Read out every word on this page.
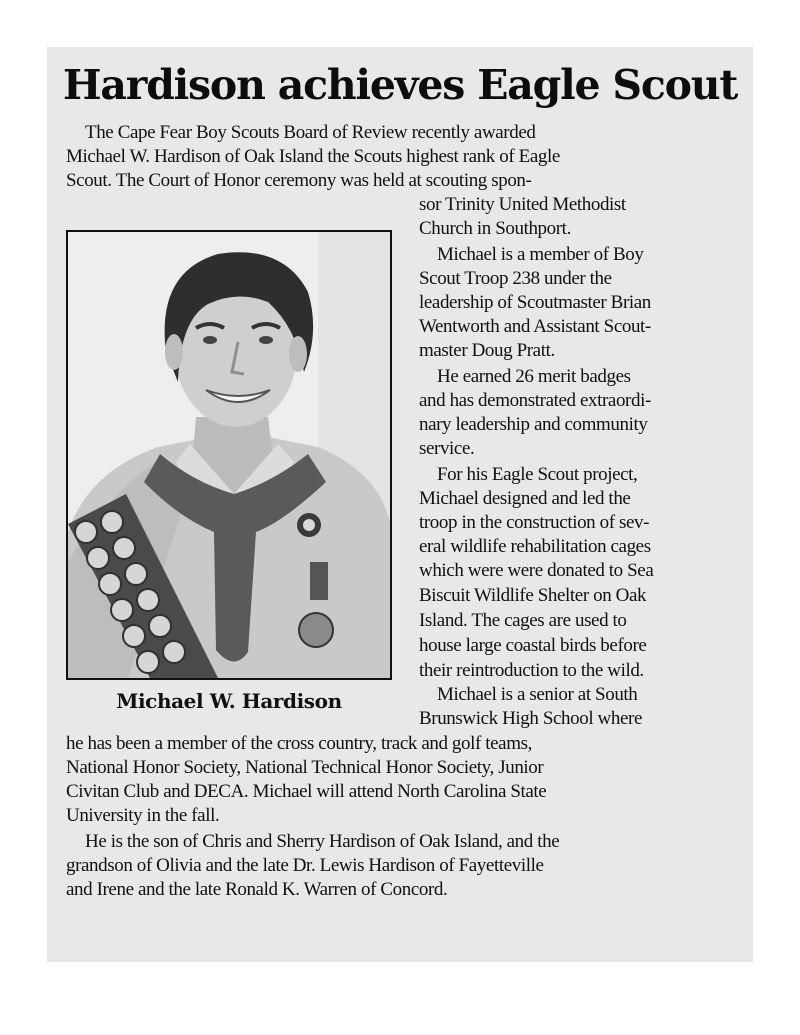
Hardison achieves Eagle Scout
The Cape Fear Boy Scouts Board of Review recently awarded
Michael W. Hardison of Oak Island the Scouts highest rank of Eagle
Scout. The Court of Honor ceremony was held at scouting spon-
sor Trinity United Methodist
Church in Southport.
Michael is a member of Boy
Scout Troop 238 under the
leadership of Scoutmaster Brian
Wentworth and Assistant Scout-
master Doug Pratt.
He earned 26 merit badges
and has demonstrated extraordi-
nary leadership and community
service.
For his Eagle Scout project,
Michael designed and led the
troop in the construction of sev-
eral wildlife rehabilitation cages
which were were donated to Sea
Biscuit Wildlife Shelter on Oak
Island. The cages are used to
house large coastal birds before
their reintroduction to the wild.
Michael is a senior at South
Brunswick High School where
he has been a member of the cross country, track and golf teams,
National Honor Society, National Technical Honor Society, Junior
Civitan Club and DECA. Michael will attend North Carolina State
University in the fall.
He is the son of Chris and Sherry Hardison of Oak Island, and the
grandson of Olivia and the late Dr. Lewis Hardison of Fayetteville
and Irene and the late Ronald K. Warren of Concord.
Michael W. Hardison
